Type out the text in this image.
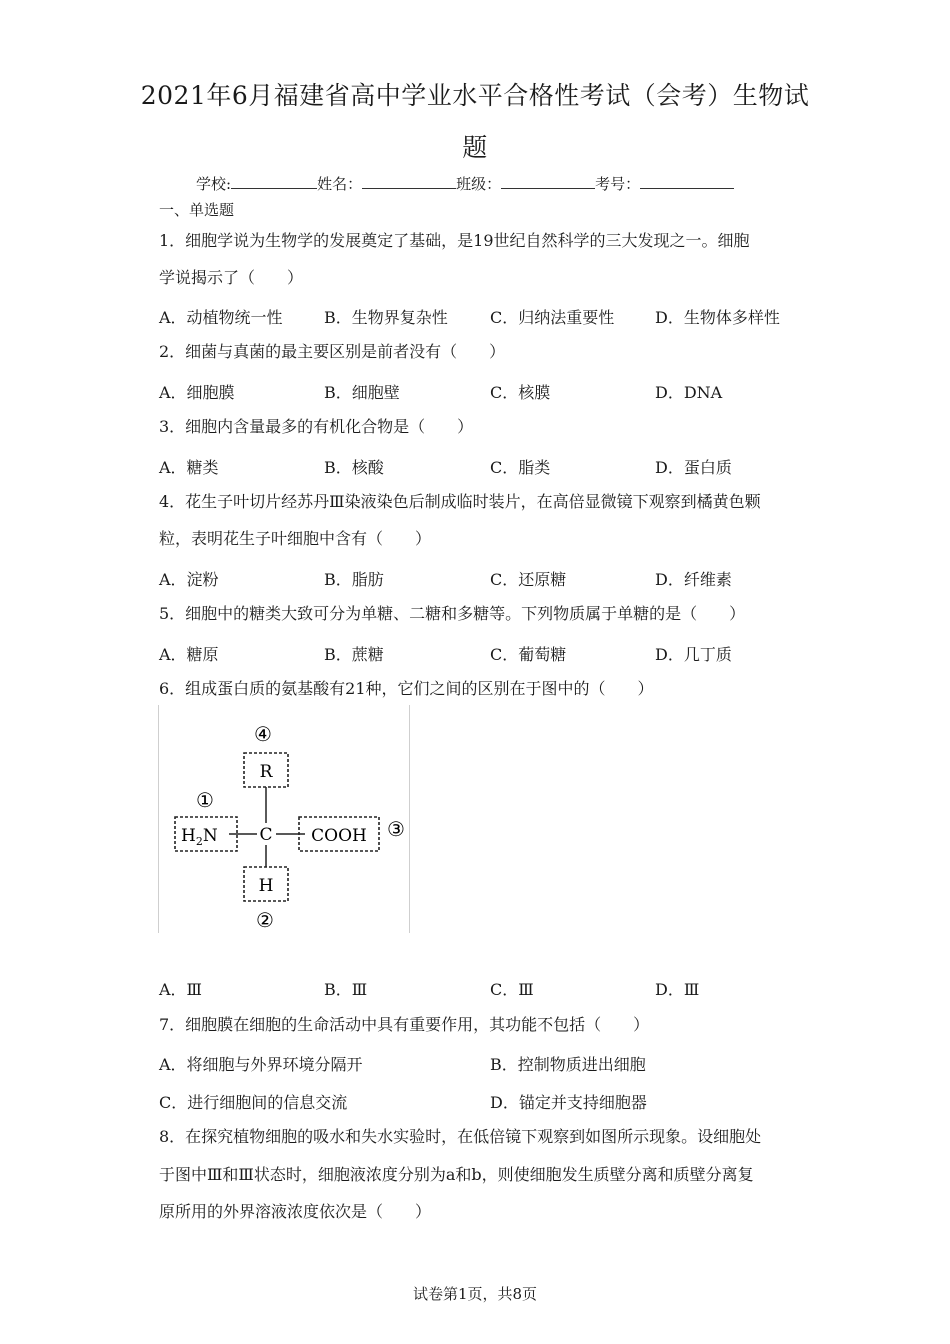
2021年6月福建省高中学业水平合格性考试（会考）生物试
题
学校:	姓名：	班级：	考号：
一、单选题
1．细胞学说为生物学的发展奠定了基础，是19世纪自然科学的三大发现之一。细胞
学说揭示了（　　）
A．动植物统一性	B．生物界复杂性	C．归纳法重要性	D．生物体多样性
2．细菌与真菌的最主要区别是前者没有（　　）
A．细胞膜	B．细胞壁	C．核膜	D．DNA
3．细胞内含量最多的有机化合物是（　　）
A．糖类	B．核酸	C．脂类	D．蛋白质
4．花生子叶切片经苏丹Ⅲ染液染色后制成临时装片，在高倍显微镜下观察到橘黄色颗
粒，表明花生子叶细胞中含有（　　）
A．淀粉	B．脂肪	C．还原糖	D．纤维素
5．细胞中的糖类大致可分为单糖、二糖和多糖等。下列物质属于单糖的是（　　）
A．糖原	B．蔗糖	C．葡萄糖	D．几丁质
6．组成蛋白质的氨基酸有21种，它们之间的区别在于图中的（　　）
④
①
③
②
R
$H_2N$ C COOH
H
A．Ⅲ	B．Ⅲ	C．Ⅲ	D．Ⅲ
7．细胞膜在细胞的生命活动中具有重要作用，其功能不包括（　　）
A．将细胞与外界环境分隔开	B．控制物质进出细胞
C．进行细胞间的信息交流	D．锚定并支持细胞器
8．在探究植物细胞的吸水和失水实验时，在低倍镜下观察到如图所示现象。设细胞处
于图中Ⅲ和Ⅲ状态时，细胞液浓度分别为a和b，则使细胞发生质壁分离和质壁分离复
原所用的外界溶液浓度依次是（　　）
试卷第1页，共8页
